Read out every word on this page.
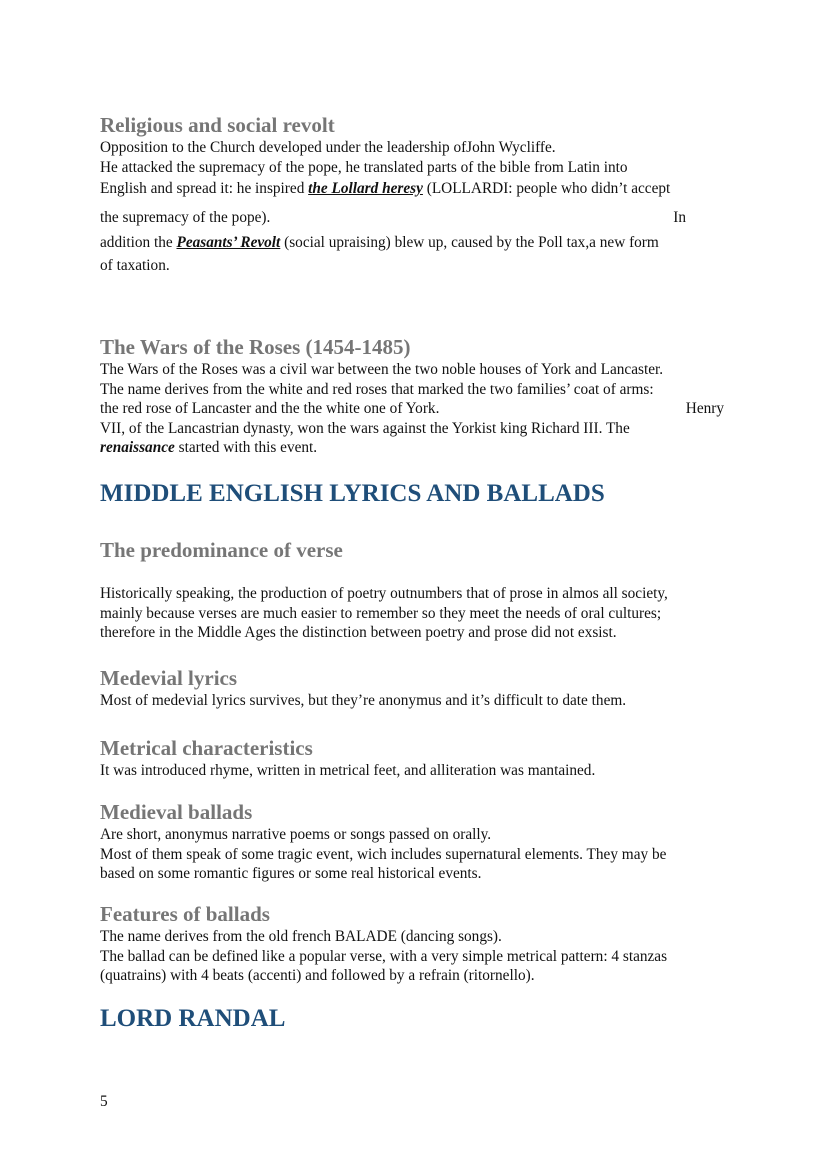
Religious and social revolt
Opposition to the Church developed under the leadership ofJohn Wycliffe.
He attacked the supremacy of the pope, he translated parts of the bible from Latin into
English and spread it: he inspired the Lollard heresy (LOLLARDI: people who didn’t accept
the supremacy of the pope).	In
addition the Peasants’ Revolt (social upraising) blew up, caused by the Poll tax,a new form
of taxation.
The Wars of the Roses (1454-1485)
The Wars of the Roses was a civil war between the two noble houses of York and Lancaster.
The name derives from the white and red roses that marked the two families’ coat of arms:
the red rose of Lancaster and the the white one of York.	Henry
VII, of the Lancastrian dynasty, won the wars against the Yorkist king Richard III. The
renaissance started with this event.
MIDDLE ENGLISH LYRICS AND BALLADS
The predominance of verse
Historically speaking, the production of poetry outnumbers that of prose in almos all society,
mainly because verses are much easier to remember so they meet the needs of oral cultures;
therefore in the Middle Ages the distinction between poetry and prose did not exsist.
Medevial lyrics
Most of medevial lyrics survives, but they’re anonymus and it’s difficult to date them.
Metrical characteristics
It was introduced rhyme, written in metrical feet, and alliteration was mantained.
Medieval ballads
Are short, anonymus narrative poems or songs passed on orally.
Most of them speak of some tragic event, wich includes supernatural elements. They may be
based on some romantic figures or some real historical events.
Features of ballads
The name derives from the old french BALADE (dancing songs).
The ballad can be defined like a popular verse, with a very simple metrical pattern: 4 stanzas
(quatrains) with 4 beats (accenti) and followed by a refrain (ritornello).
LORD RANDAL
5
